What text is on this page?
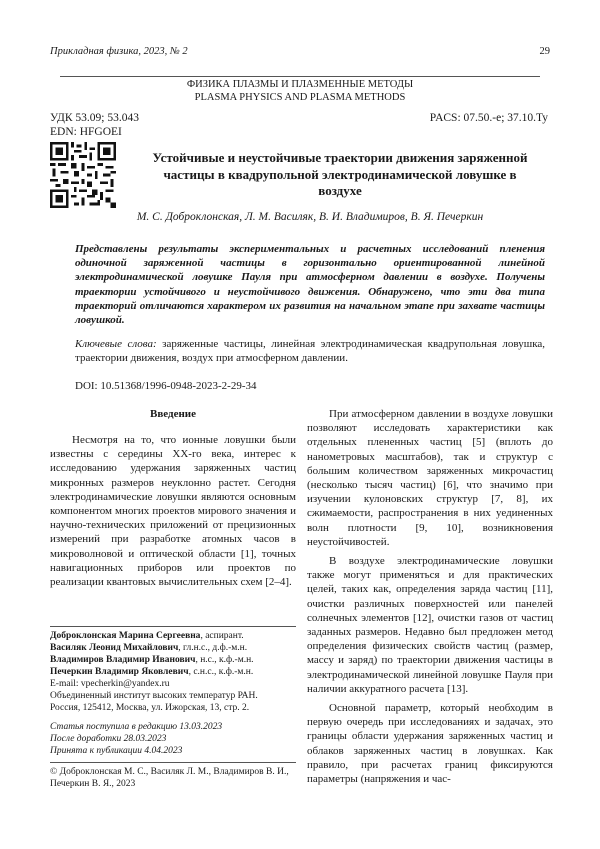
Прикладная физика, 2023, № 2	29
ФИЗИКА ПЛАЗМЫ И ПЛАЗМЕННЫЕ МЕТОДЫ
PLASMA PHYSICS AND PLASMA METHODS
УДК 53.09; 53.043
EDN: HFGOEI
PACS: 07.50.-e; 37.10.Ty
Устойчивые и неустойчивые траектории движения заряженной частицы в квадрупольной электродинамической ловушке в воздухе
М. С. Доброклонская, Л. М. Василяк, В. И. Владимиров, В. Я. Печеркин
Представлены результаты экспериментальных и расчетных исследований пленения одиночной заряженной частицы в горизонтально ориентированной линейной электродинамической ловушке Пауля при атмосферном давлении в воздухе. Получены траектории устойчивого и неустойчивого движения. Обнаружено, что эти два типа траекторий отличаются характером их развития на начальном этапе при захвате частицы ловушкой.
Ключевые слова: заряженные частицы, линейная электродинамическая квадрупольная ловушка, траектории движения, воздух при атмосферном давлении.
DOI: 10.51368/1996-0948-2023-2-29-34
Введение

Несмотря на то, что ионные ловушки были известны с середины XX-го века, интерес к исследованию удержания заряженных частиц микронных размеров неуклонно растет. Сегодня электродинамические ловушки являются основным компонентом многих проектов мирового значения и научно-технических приложений от прецизионных измерений при разработке атомных часов в микроволновой и оптической области [1], точных навигационных приборов или проектов по реализации квантовых вычислительных схем [2–4].

Доброклонская Марина Сергеевна, аспирант.
Василяк Леонид Михайлович, гл.н.с., д.ф.-м.н.
Владимиров Владимир Иванович, н.с., к.ф.-м.н.
Печеркин Владимир Яковлевич, с.н.с., к.ф.-м.н.
E-mail: vpecherkin@yandex.ru
Объединенный институт высоких температур РАН.
Россия, 125412, Москва, ул. Ижорская, 13, стр. 2.
Статья поступила в редакцию 13.03.2023
После доработки 28.03.2023
Принята к публикации 4.04.2023
© Доброклонская М. С., Василяк Л. М., Владимиров В. И., Печеркин В. Я., 2023

При атмосферном давлении в воздухе ловушки позволяют исследовать характеристики как отдельных плененных частиц [5] (вплоть до нанометровых масштабов), так и структур с большим количеством заряженных микрочастиц (несколько тысяч частиц) [6], что значимо при изучении кулоновских структур [7, 8], их сжимаемости, распространения в них уединенных волн плотности [9, 10], возникновения неустойчивостей.

В воздухе электродинамические ловушки также могут применяться и для практических целей, таких как, определения заряда частиц [11], очистки различных поверхностей или панелей солнечных элементов [12], очистки газов от частиц заданных размеров. Недавно был предложен метод определения физических свойств частиц (размер, массу и заряд) по траектории движения частицы в электродинамической линейной ловушке Пауля при наличии аккуратного расчета [13].

Основной параметр, который необходим в первую очередь при исследованиях и задачах, это границы области удержания заряженных частиц и облаков заряженных частиц в ловушках. Как правило, при расчетах границ фиксируются параметры (напряжения и час-
